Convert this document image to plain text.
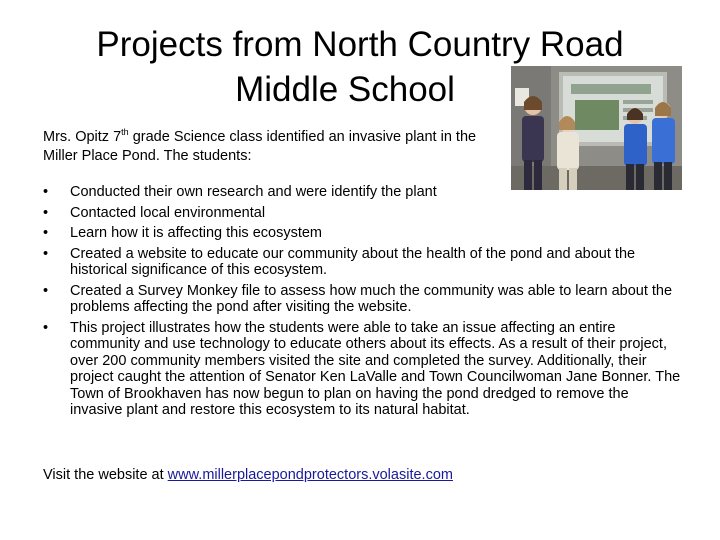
Projects from North Country Road
Middle School
Mrs. Opitz 7th grade Science class identified an invasive plant in the Miller Place Pond. The students:
• Conducted their own research and were identify the plant
• Contacted local environmental
• Learn how it is affecting this ecosystem
• Created a website to educate our community about the health of the pond and about the historical significance of this ecosystem.
• Created a Survey Monkey file to assess how much the community was able to learn about the problems affecting the pond after visiting the website.
• This project illustrates how the students were able to take an issue affecting an entire community and use technology to educate others about its effects. As a result of their project, over 200 community members visited the site and completed the survey. Additionally, their project caught the attention of Senator Ken LaValle and Town Councilwoman Jane Bonner. The Town of Brookhaven has now begun to plan on having the pond dredged to remove the invasive plant and restore this ecosystem to its natural habitat.
Visit the website at www.millerplacepondprotectors.volasite.com
